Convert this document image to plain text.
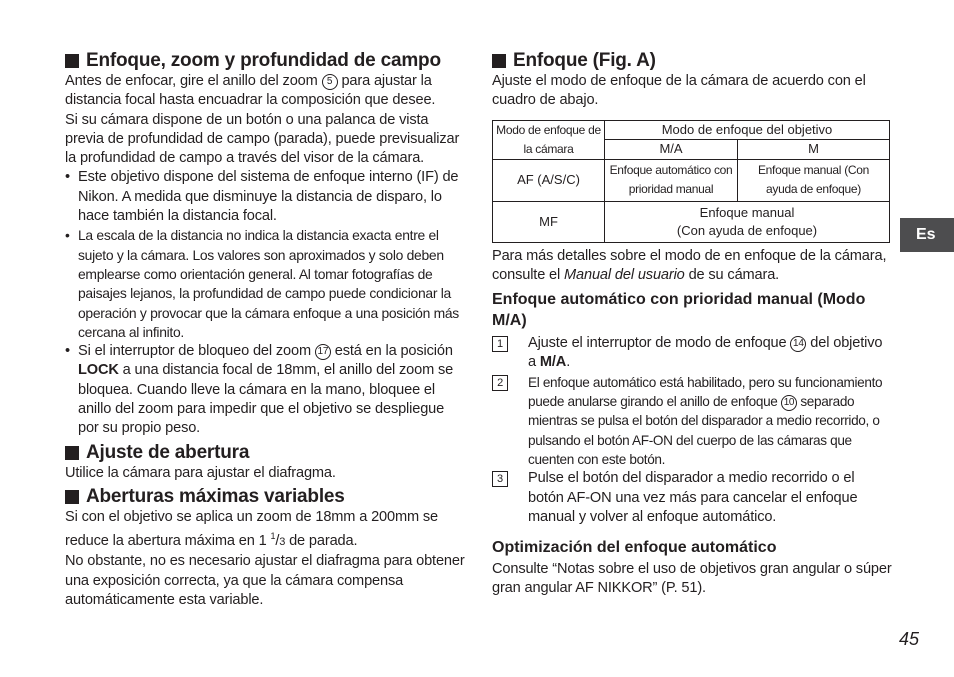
Enfoque, zoom y profundidad de campo

Antes de enfocar, gire el anillo del zoom 5 para ajustar la distancia focal hasta encuadrar la composición que desee.

Si su cámara dispone de un botón o una palanca de vista previa de profundidad de campo (parada), puede previsualizar la profundidad de campo a través del visor de la cámara.

• Este objetivo dispone del sistema de enfoque interno (IF) de Nikon. A medida que disminuye la distancia de disparo, lo hace también la distancia focal.
• La escala de la distancia no indica la distancia exacta entre el sujeto y la cámara. Los valores son aproximados y solo deben emplearse como orientación general. Al tomar fotografías de paisajes lejanos, la profundidad de campo puede condicionar la operación y provocar que la cámara enfoque a una posición más cercana al infinito.
• Si el interruptor de bloqueo del zoom 17 está en la posición LOCK a una distancia focal de 18mm, el anillo del zoom se bloquea. Cuando lleve la cámara en la mano, bloquee el anillo del zoom para impedir que el objetivo se despliegue por su propio peso.
Ajuste de abertura

Utilice la cámara para ajustar el diafragma.

Aberturas máximas variables

Si con el objetivo se aplica un zoom de 18mm a 200mm se reduce la abertura máxima en 1 $^1$/3 de parada.

No obstante, no es necesario ajustar el diafragma para obtener una exposición correcta, ya que la cámara compensa automáticamente esta variable.

Enfoque (Fig. A)

Ajuste el modo de enfoque de la cámara de acuerdo con el cuadro de abajo.

Modo de enfoque de la cámara	Modo de enfoque del objetivo	
	M/A	M
AF (A/S/C)	Enfoque automático con prioridad manual	Enfoque manual (Con ayuda de enfoque)
MF	Enfoque manual
(Con ayuda de enfoque)	

Para más detalles sobre el modo de en enfoque de la cámara, consulte el Manual del usuario de su cámara.

Enfoque automático con prioridad manual (Modo M/A)
1	Ajuste el interruptor de modo de enfoque 14 del objetivo a M/A.
2	El enfoque automático está habilitado, pero su funcionamiento puede anularse girando el anillo de enfoque 10 separado mientras se pulsa el botón del disparador a medio recorrido, o pulsando el botón AF-ON del cuerpo de las cámaras que cuenten con este botón.
3	Pulse el botón del disparador a medio recorrido o el botón AF-ON una vez más para cancelar el enfoque manual y volver al enfoque automático.
Optimización del enfoque automático

Consulte “Notas sobre el uso de objetivos gran angular o súper gran angular AF NIKKOR” (P. 51).

Es
45
